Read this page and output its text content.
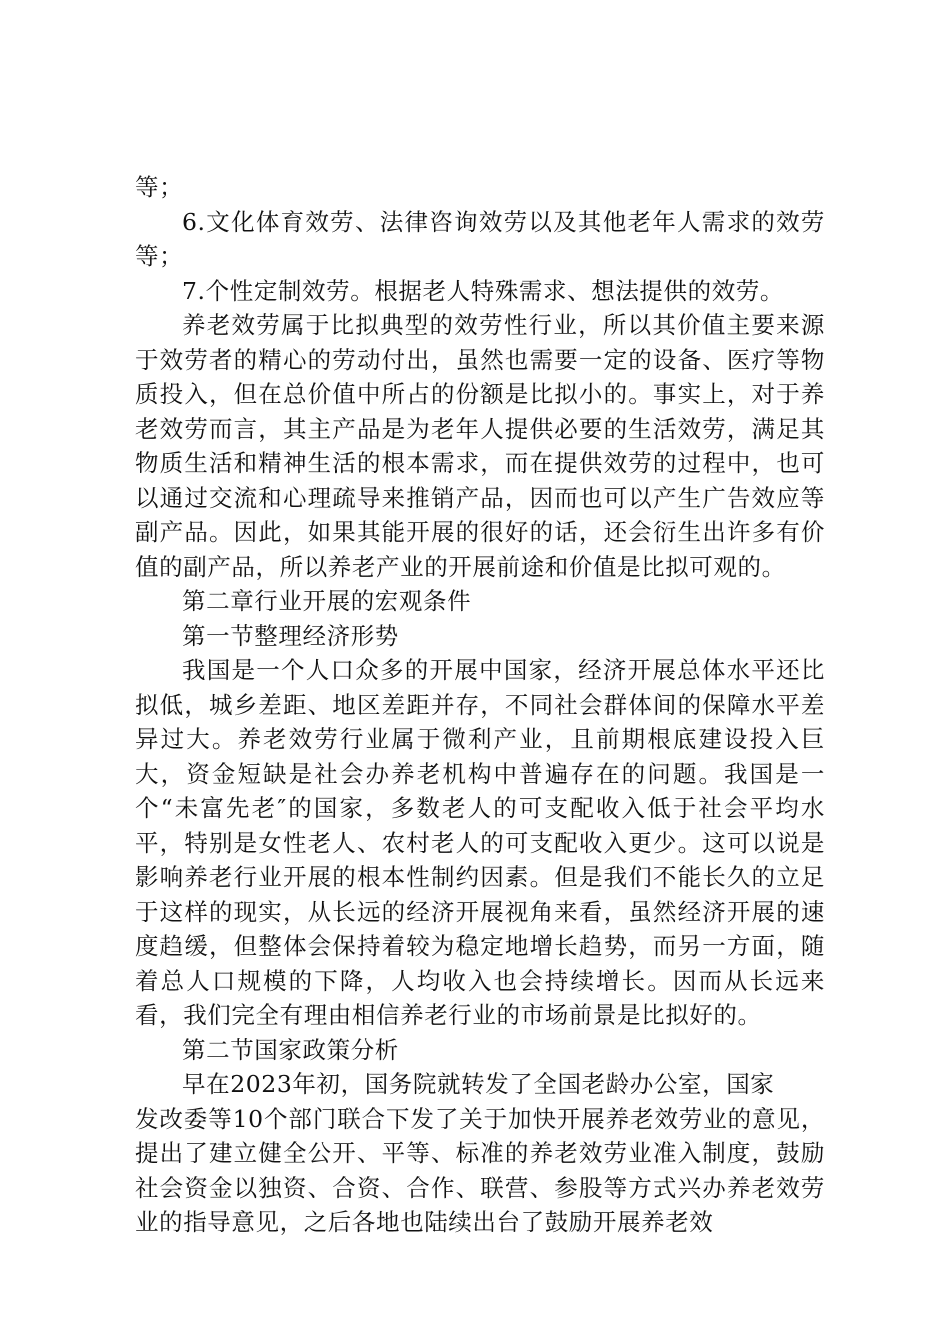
等；

6.文化体育效劳、法律咨询效劳以及其他老年人需求的效劳等；

7.个性定制效劳。根据老人特殊需求、想法提供的效劳。

养老效劳属于比拟典型的效劳性行业，所以其价值主要来源于效劳者的精心的劳动付出，虽然也需要一定的设备、医疗等物质投入，但在总价值中所占的份额是比拟小的。事实上，对于养老效劳而言，其主产品是为老年人提供必要的生活效劳，满足其物质生活和精神生活的根本需求，而在提供效劳的过程中，也可以通过交流和心理疏导来推销产品，因而也可以产生广告效应等副产品。因此，如果其能开展的很好的话，还会衍生出许多有价值的副产品，所以养老产业的开展前途和价值是比拟可观的。

第二章行业开展的宏观条件

第一节整理经济形势

我国是一个人口众多的开展中国家，经济开展总体水平还比拟低，城乡差距、地区差距并存，不同社会群体间的保障水平差异过大。养老效劳行业属于微利产业，且前期根底建设投入巨大，资金短缺是社会办养老机构中普遍存在的问题。我国是一个“未富先老″的国家，多数老人的可支配收入低于社会平均水平，特别是女性老人、农村老人的可支配收入更少。这可以说是影响养老行业开展的根本性制约因素。但是我们不能长久的立足于这样的现实，从长远的经济开展视角来看，虽然经济开展的速度趋缓，但整体会保持着较为稳定地增长趋势，而另一方面，随着总人口规模的下降，人均收入也会持续增长。因而从长远来看，我们完全有理由相信养老行业的市场前景是比拟好的。

第二节国家政策分析

早在2023年初，国务院就转发了全国老龄办公室，国家

发改委等10个部门联合下发了关于加快开展养老效劳业的意见，提出了建立健全公开、平等、标准的养老效劳业准入制度，鼓励社会资金以独资、合资、合作、联营、参股等方式兴办养老效劳业的指导意见，之后各地也陆续出台了鼓励开展养老效
